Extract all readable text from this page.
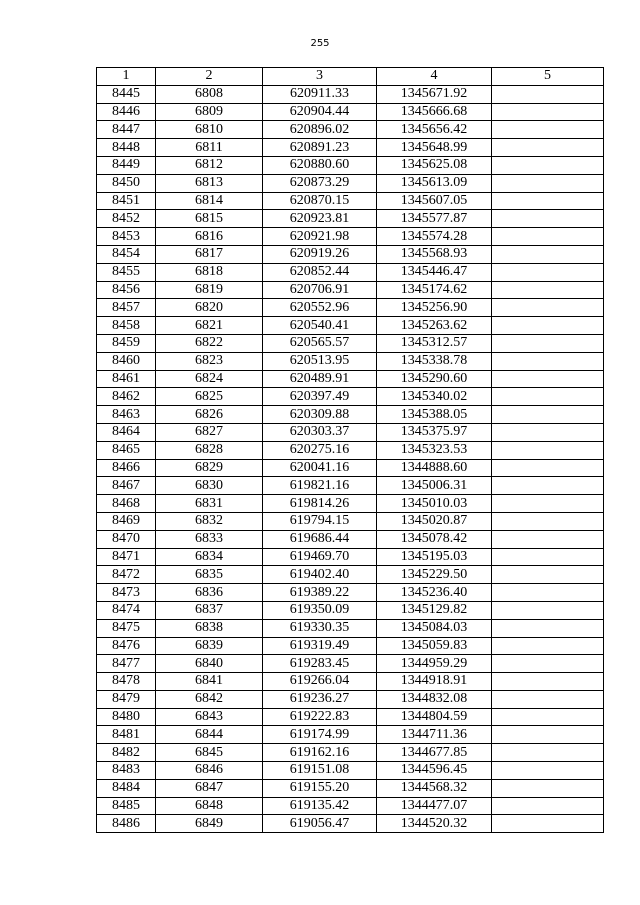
255
1	2	3	4	5
8445	6808	620911.33	1345671.92	
8446	6809	620904.44	1345666.68	
8447	6810	620896.02	1345656.42	
8448	6811	620891.23	1345648.99	
8449	6812	620880.60	1345625.08	
8450	6813	620873.29	1345613.09	
8451	6814	620870.15	1345607.05	
8452	6815	620923.81	1345577.87	
8453	6816	620921.98	1345574.28	
8454	6817	620919.26	1345568.93	
8455	6818	620852.44	1345446.47	
8456	6819	620706.91	1345174.62	
8457	6820	620552.96	1345256.90	
8458	6821	620540.41	1345263.62	
8459	6822	620565.57	1345312.57	
8460	6823	620513.95	1345338.78	
8461	6824	620489.91	1345290.60	
8462	6825	620397.49	1345340.02	
8463	6826	620309.88	1345388.05	
8464	6827	620303.37	1345375.97	
8465	6828	620275.16	1345323.53	
8466	6829	620041.16	1344888.60	
8467	6830	619821.16	1345006.31	
8468	6831	619814.26	1345010.03	
8469	6832	619794.15	1345020.87	
8470	6833	619686.44	1345078.42	
8471	6834	619469.70	1345195.03	
8472	6835	619402.40	1345229.50	
8473	6836	619389.22	1345236.40	
8474	6837	619350.09	1345129.82	
8475	6838	619330.35	1345084.03	
8476	6839	619319.49	1345059.83	
8477	6840	619283.45	1344959.29	
8478	6841	619266.04	1344918.91	
8479	6842	619236.27	1344832.08	
8480	6843	619222.83	1344804.59	
8481	6844	619174.99	1344711.36	
8482	6845	619162.16	1344677.85	
8483	6846	619151.08	1344596.45	
8484	6847	619155.20	1344568.32	
8485	6848	619135.42	1344477.07	
8486	6849	619056.47	1344520.32	
